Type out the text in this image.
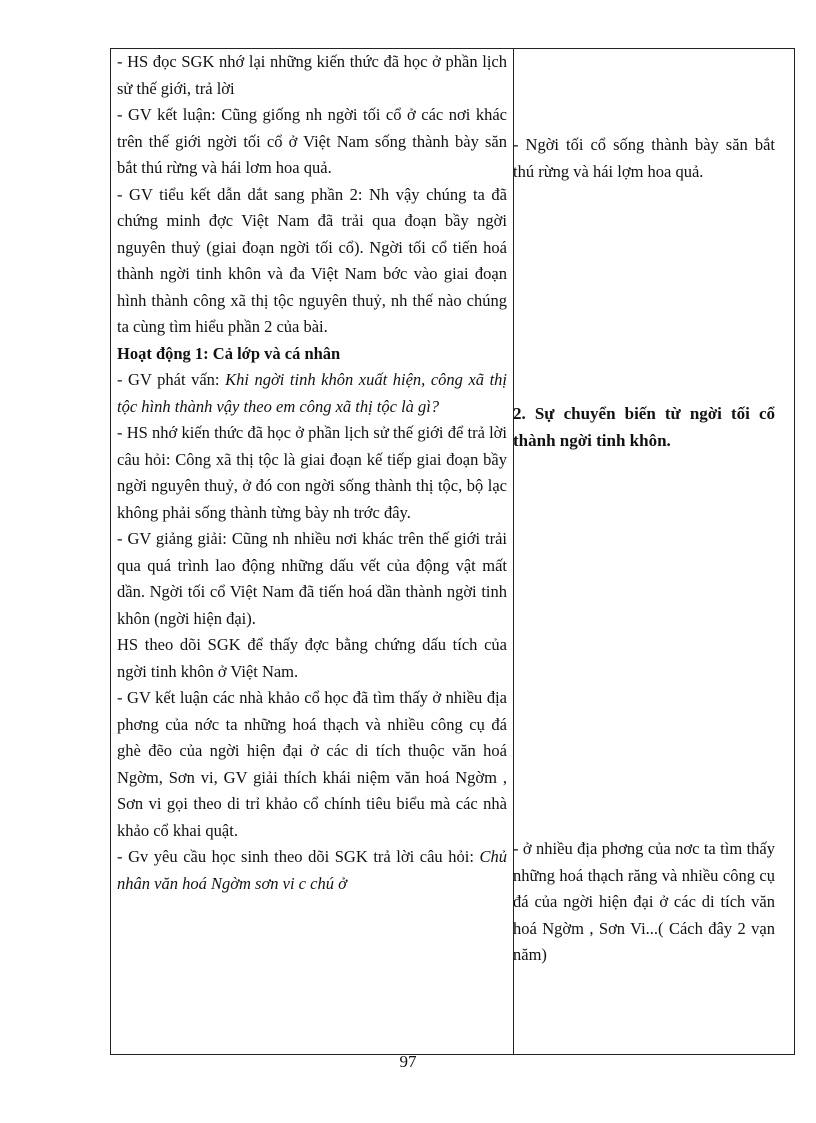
- HS đọc SGK nhớ lại những kiến thức đã học ở phần lịch sử thế giới, trả lời

- GV kết luận: Cũng giống nh ngời tối cổ ở các nơi khác trên thế giới ngời tối cổ ở Việt Nam sống thành bày săn bắt thú rừng và hái lơm hoa quả.

- GV tiểu kết dẫn dắt sang phần 2: Nh vậy chúng ta đã chứng minh đợc Việt Nam đã trải qua đoạn bầy ngời nguyên thuỷ (giai đoạn ngời tối cổ). Ngời tối cổ tiến hoá thành ngời tinh khôn và đa Việt Nam bớc vào giai đoạn hình thành công xã thị tộc nguyên thuỷ, nh thế nào chúng ta cùng tìm hiểu phần 2 của bài.

Hoạt động 1: Cả lớp và cá nhân

- GV phát vấn: Khi ngời tinh khôn xuất hiện, công xã thị tộc hình thành vậy theo em công xã thị tộc là gì?

- HS nhớ kiến thức đã học ở phần lịch sử thế giới để trả lời câu hỏi: Công xã thị tộc là giai đoạn kế tiếp giai đoạn bầy ngời nguyên thuỷ, ở đó con ngời sống thành thị tộc, bộ lạc không phải sống thành từng bày nh trớc đây.

- GV giảng giải: Cũng nh nhiều nơi khác trên thế giới trải qua quá trình lao động những dấu vết của động vật mất dần. Ngời tối cổ Việt Nam đã tiến hoá dần thành ngời tinh khôn (ngời hiện đại).

HS theo dõi SGK để thấy đợc bằng chứng dấu tích của ngời tinh khôn ở Việt Nam.

- GV kết luận các nhà khảo cổ học đã tìm thấy ở nhiều địa phơng của nớc ta những hoá thạch và nhiều công cụ đá ghè đẽo của ngời hiện đại ở các di tích thuộc văn hoá Ngờm, Sơn vi, GV giải thích khái niệm văn hoá Ngờm , Sơn vi gọi theo di trỉ khảo cổ chính tiêu biểu mà các nhà khảo cổ khai quật.

- Gv yêu cầu học sinh theo dõi SGK trả lời câu hỏi: Chủ nhân văn hoá Ngờm sơn vi c chú ở

- Ngời tối cổ sống thành bày săn bắt thú rừng và hái lợm hoa quả.

2. Sự chuyển biến từ ngời tối cổ thành ngời tinh khôn.

- ở nhiều địa phơng của nơc ta tìm thấy những hoá thạch răng và nhiều công cụ đá của ngời hiện đại ở các di tích văn hoá Ngờm , Sơn Vi...( Cách đây 2 vạn năm)

97
